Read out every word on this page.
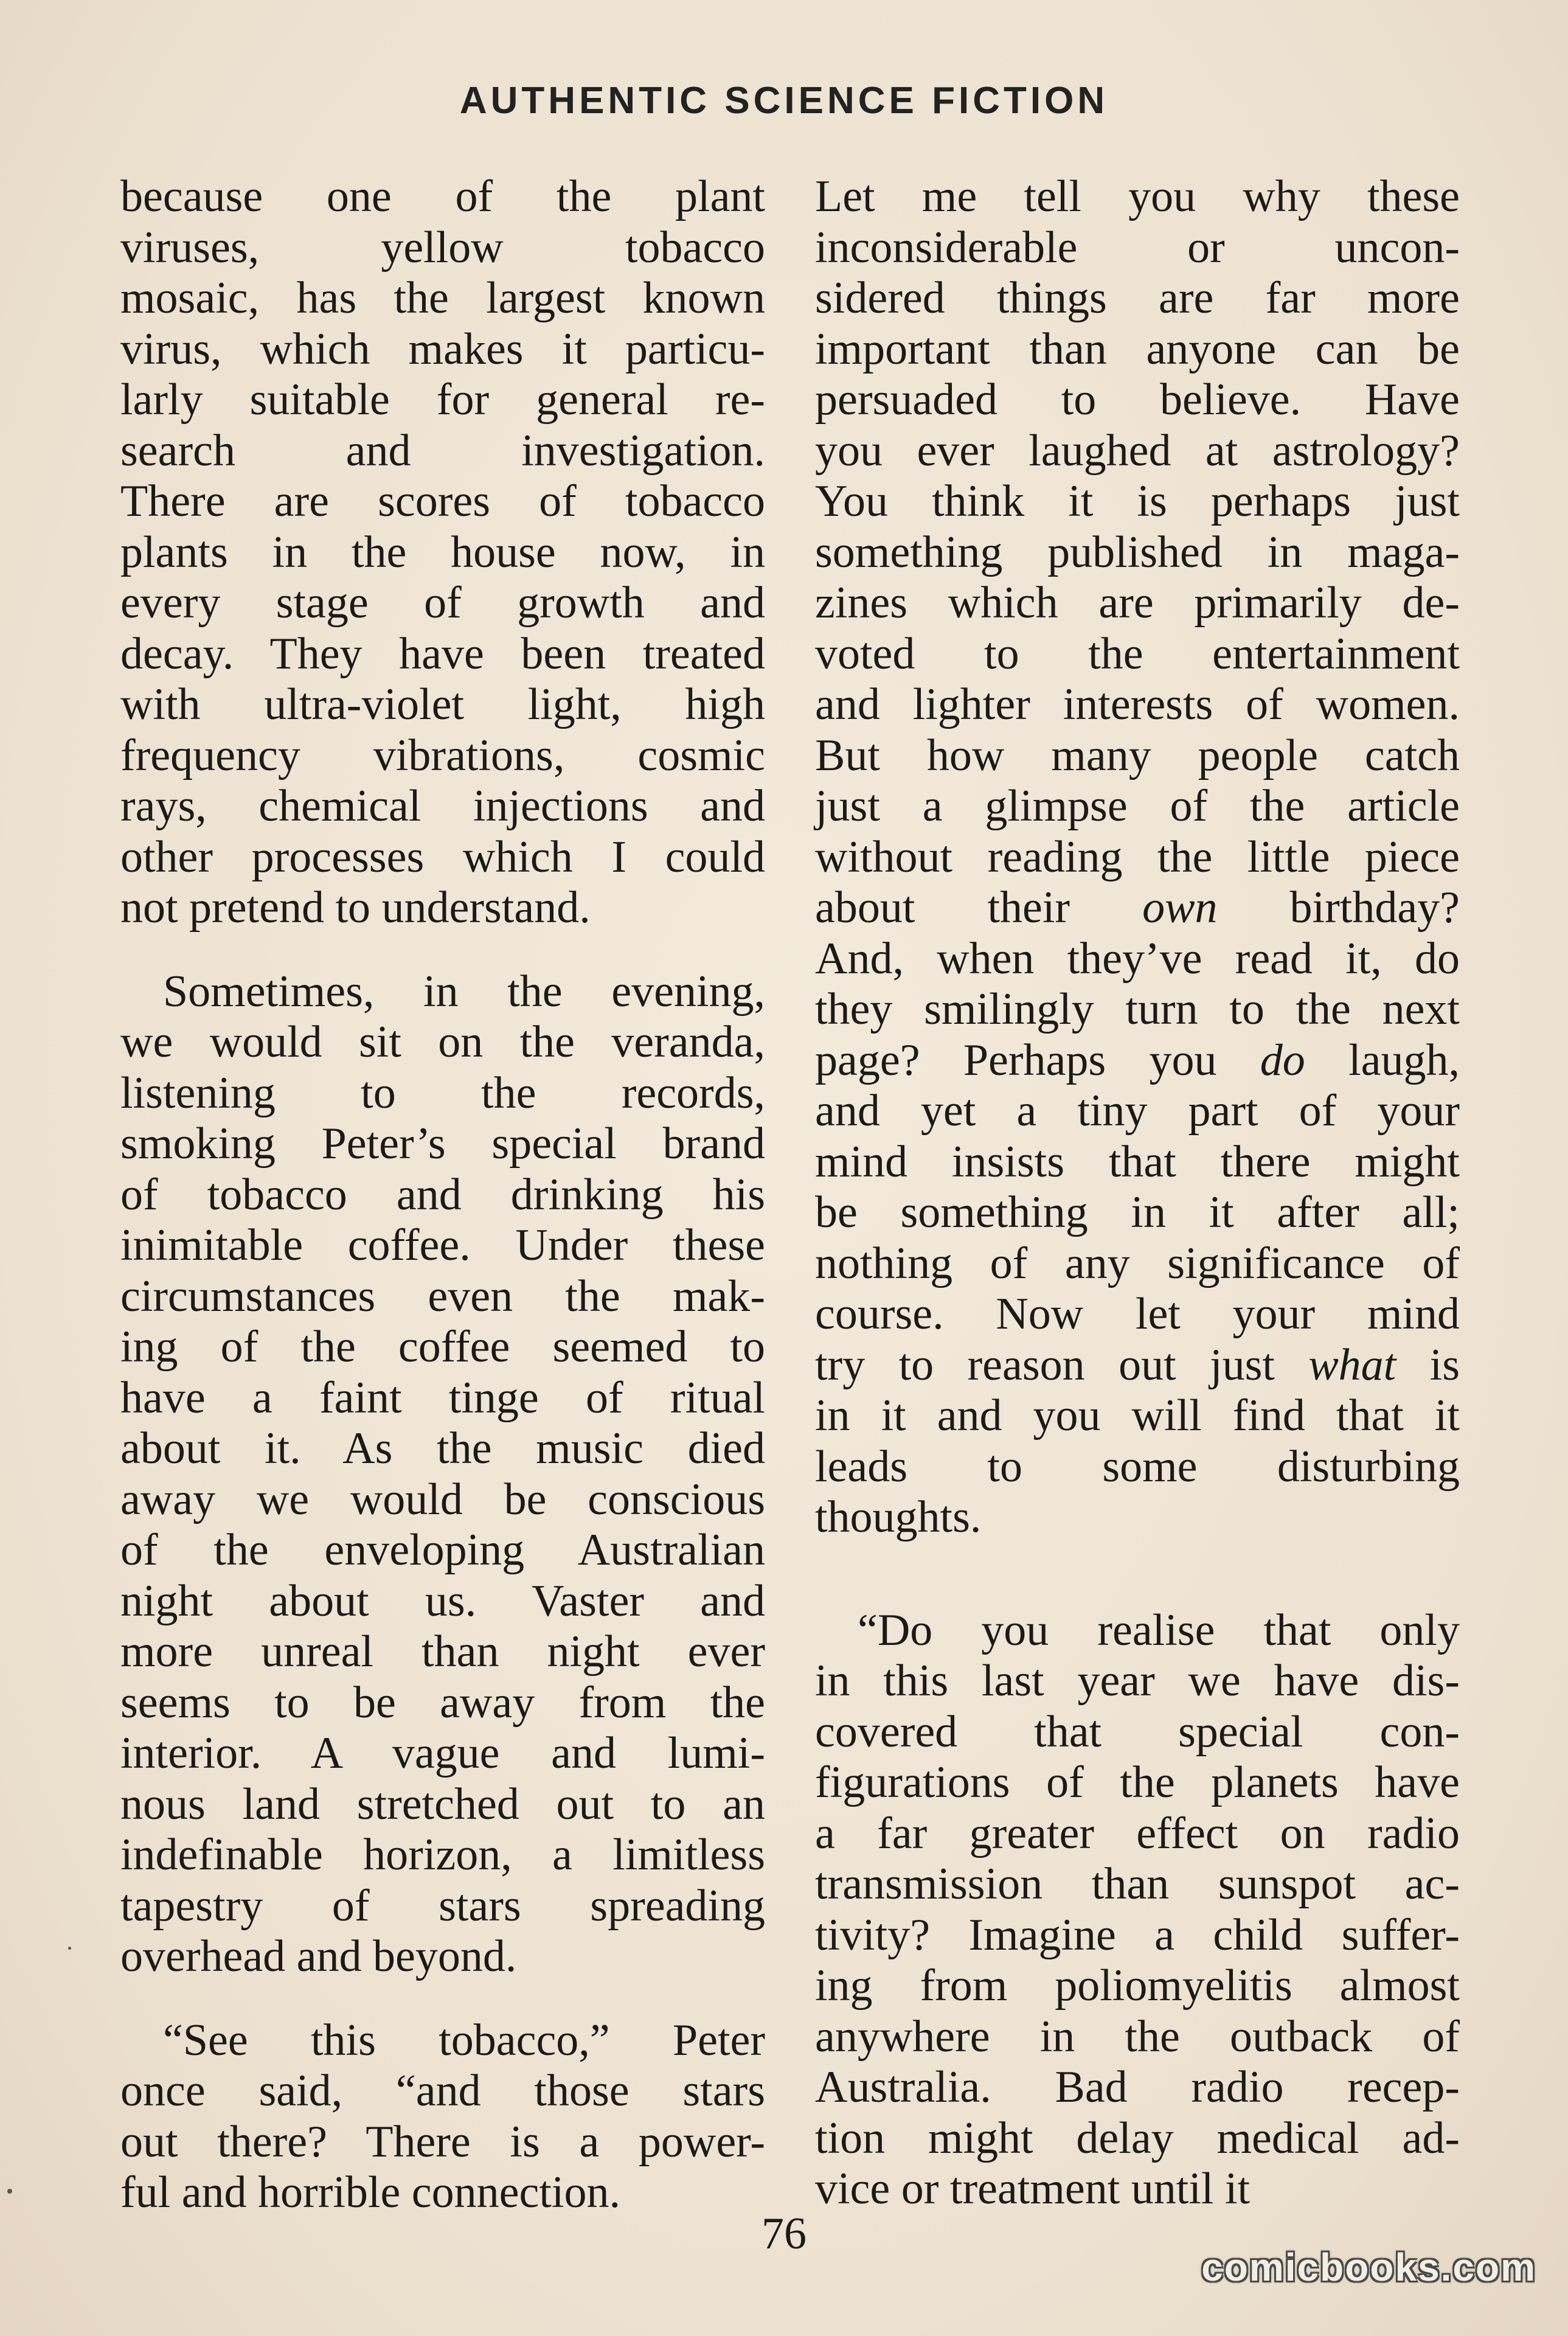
AUTHENTIC SCIENCE FICTION
because one of the plant
viruses, yellow tobacco
mosaic, has the largest known
virus, which makes it particu-
larly suitable for general re-
search and investigation.
There are scores of tobacco
plants in the house now, in
every stage of growth and
decay. They have been treated
with ultra-violet light, high
frequency vibrations, cosmic
rays, chemical injections and
other processes which I could
not pretend to understand.
Sometimes, in the evening,
we would sit on the veranda,
listening to the records,
smoking Peter’s special brand
of tobacco and drinking his
inimitable coffee. Under these
circumstances even the mak-
ing of the coffee seemed to
have a faint tinge of ritual
about it. As the music died
away we would be conscious
of the enveloping Australian
night about us. Vaster and
more unreal than night ever
seems to be away from the
interior. A vague and lumi-
nous land stretched out to an
indefinable horizon, a limitless
tapestry of stars spreading
overhead and beyond.
“See this tobacco,” Peter
once said, “and those stars
out there? There is a power-
ful and horrible connection.
Let me tell you why these
inconsiderable or uncon-
sidered things are far more
important than anyone can be
persuaded to believe. Have
you ever laughed at astrology?
You think it is perhaps just
something published in maga-
zines which are primarily de-
voted to the entertainment
and lighter interests of women.
But how many people catch
just a glimpse of the article
without reading the little piece
about their own birthday?
And, when they’ve read it, do
they smilingly turn to the next
page? Perhaps you do laugh,
and yet a tiny part of your
mind insists that there might
be something in it after all;
nothing of any significance of
course. Now let your mind
try to reason out just what is
in it and you will find that it
leads to some disturbing
thoughts.
“Do you realise that only
in this last year we have dis-
covered that special con-
figurations of the planets have
a far greater effect on radio
transmission than sunspot ac-
tivity? Imagine a child suffer-
ing from poliomyelitis almost
anywhere in the outback of
Australia. Bad radio recep-
tion might delay medical ad-
vice or treatment until it
76
comicbooks.com
